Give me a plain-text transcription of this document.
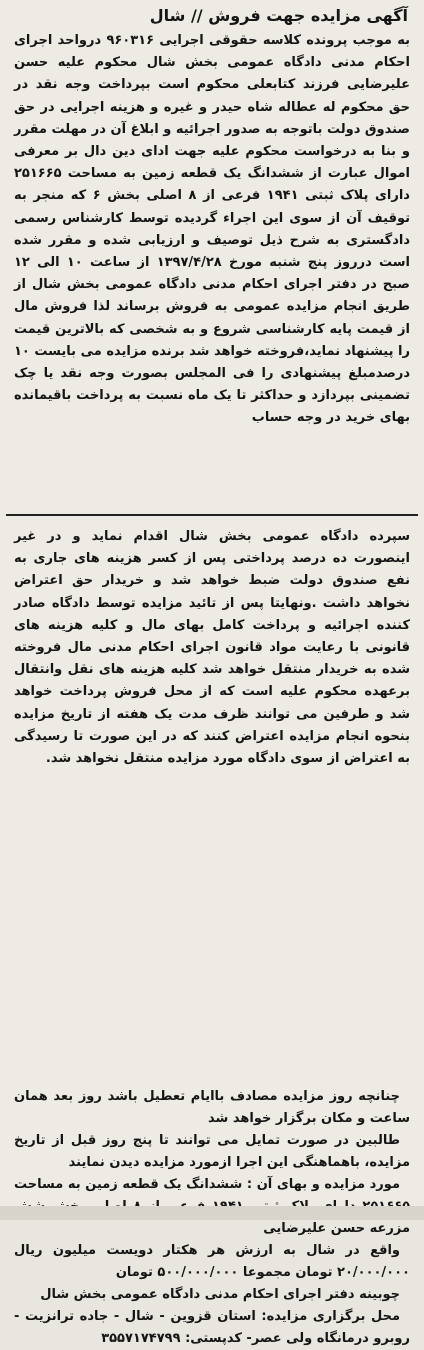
آگهی مزایده جهت فروش // شال
به موجب پرونده کلاسه حقوقی اجرایی ۹۶۰۳۱۶ درواحد اجرای احکام مدنی دادگاه عمومی بخش شال محکوم علیه حسن علیرضایی فرزند کتابعلی محکوم است بپرداخت وجه نقد در حق محکوم له عطاله شاه حیدر و غیره و هزینه اجرایی در حق صندوق دولت باتوجه به صدور اجرائیه و ابلاغ آن در مهلت مقرر و بنا به درخواست محکوم علیه جهت ادای دین دال بر معرفی اموال عبارت از ششدانگ یک قطعه زمین به مساحت ۲۵۱۶۶۵ دارای پلاک ثبتی ۱۹۴۱ فرعی از ۸ اصلی بخش ۶ که منجر به توقیف آن از سوی این اجراء گردیده توسط کارشناس رسمی دادگستری به شرح ذیل توصیف و ارزیابی شده و مقرر شده است درروز پنج شنبه مورخ ۱۳۹۷/۴/۲۸ از ساعت ۱۰ الی ۱۲ صبح در دفتر اجرای احکام مدنی دادگاه عمومی بخش شال از طریق انجام مزایده عمومی به فروش برساند لذا فروش مال از قیمت پایه کارشناسی شروع و به شخصی که بالاترین قیمت را پیشنهاد نماید،فروخته خواهد شد برنده مزایده می بایست ۱۰ درصدمبلغ پیشنهادی را فی المجلس بصورت وجه نقد یا چک تضمینی بپردازد و حداکثر تا یک ماه نسبت به پرداخت باقیمانده بهای خرید در وجه حساب
سپرده دادگاه عمومی بخش شال اقدام نماید و در غیر اینصورت ده درصد پرداختی پس از کسر هزینه های جاری به نفع صندوق دولت ضبط خواهد شد و خریدار حق اعتراض نخواهد داشت .ونهایتا پس از تائید مزایده توسط دادگاه صادر کننده اجرائیه و پرداخت کامل بهای مال و کلیه هزینه های قانونی با رعایت مواد قانون اجرای احکام مدنی مال فروخته شده به خریدار منتقل خواهد شد کلیه هزینه های نقل وانتقال برعهده محکوم علیه است که از محل فروش پرداخت خواهد شد و طرفین می توانند ظرف مدت یک هفته از تاریخ مزایده بنحوه انجام مزایده اعتراض کنند که در این صورت تا رسیدگی به اعتراض از سوی دادگاه مورد مزایده منتقل نخواهد شد.
چنانچه روز مزایده مصادف باایام تعطیل باشد روز بعد همان ساعت و مکان برگزار خواهد شد
طالبین در صورت تمایل می توانند تا پنج روز قبل از تاریخ مزایده، باهماهنگی این اجرا ازمورد مزایده دیدن نمایند
مورد مزایده و بهای آن : ششدانگ یک قطعه زمین به مساحت مزرعه حسن علیرضایی
واقع در شال به ارزش هر هکتار دویست میلیون ریال ۲۰/۰۰۰/۰۰۰ تومان مجموعا ۵۰۰/۰۰۰/۰۰۰ تومان
چوبینه دفتر اجرای احکام مدنی دادگاه عمومی بخش شال
محل برگزاری مزایده: استان قزوین - شال - جاده ترانزیت - روبرو درمانگاه ولی عصر- کدپستی: ۳۵۵۷۱۷۴۷۹۹
